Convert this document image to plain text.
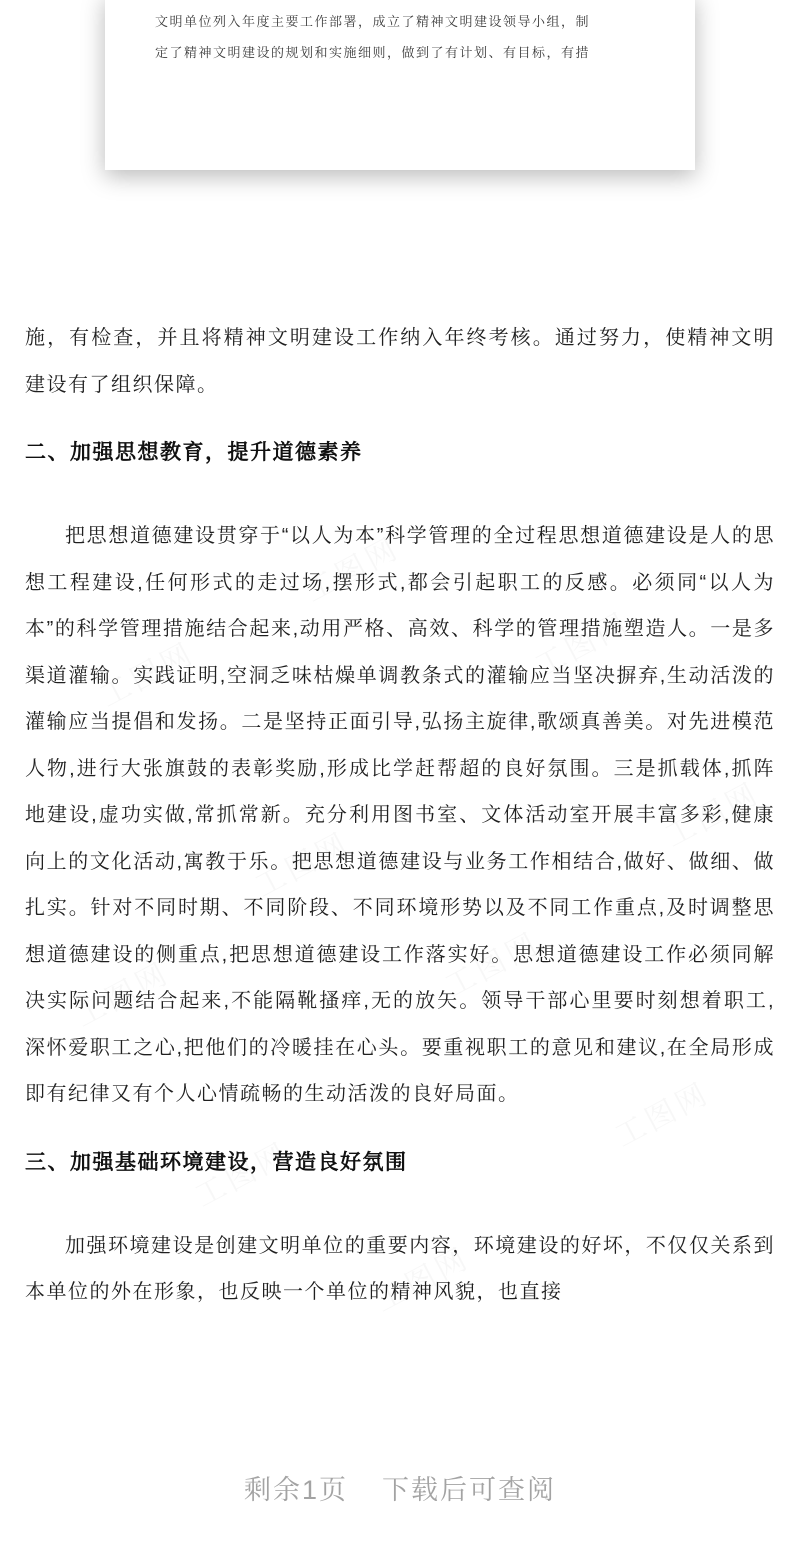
工图网
工图网	工图网
工图网
工图网
工图网	工图网
工图网
工图网
工图网

文明单位列入年度主要工作部署，成立了精神文明建设领导小组，制

定了精神文明建设的规划和实施细则，做到了有计划、有目标，有措

施，有检查，并且将精神文明建设工作纳入年终考核。通过努力，使精神文明建设有了组织保障。

二、加强思想教育，提升道德素养

把思想道德建设贯穿于“以人为本”科学管理的全过程思想道德建设是人的思想工程建设,任何形式的走过场,摆形式,都会引起职工的反感。必须同“以人为本”的科学管理措施结合起来,动用严格、高效、科学的管理措施塑造人。一是多渠道灌输。实践证明,空洞乏味枯燥单调教条式的灌输应当坚决摒弃,生动活泼的灌输应当提倡和发扬。二是坚持正面引导,弘扬主旋律,歌颂真善美。对先进模范人物,进行大张旗鼓的表彰奖励,形成比学赶帮超的良好氛围。三是抓载体,抓阵地建设,虚功实做,常抓常新。充分利用图书室、文体活动室开展丰富多彩,健康向上的文化活动,寓教于乐。把思想道德建设与业务工作相结合,做好、做细、做扎实。针对不同时期、不同阶段、不同环境形势以及不同工作重点,及时调整思想道德建设的侧重点,把思想道德建设工作落实好。思想道德建设工作必须同解决实际问题结合起来,不能隔靴搔痒,无的放矢。领导干部心里要时刻想着职工,深怀爱职工之心,把他们的冷暖挂在心头。要重视职工的意见和建议,在全局形成即有纪律又有个人心情疏畅的生动活泼的良好局面。

三、加强基础环境建设，营造良好氛围

加强环境建设是创建文明单位的重要内容，环境建设的好坏，不仅仅关系到本单位的外在形象，也反映一个单位的精神风貌，也直接

剩余1页 下载后可查阅
